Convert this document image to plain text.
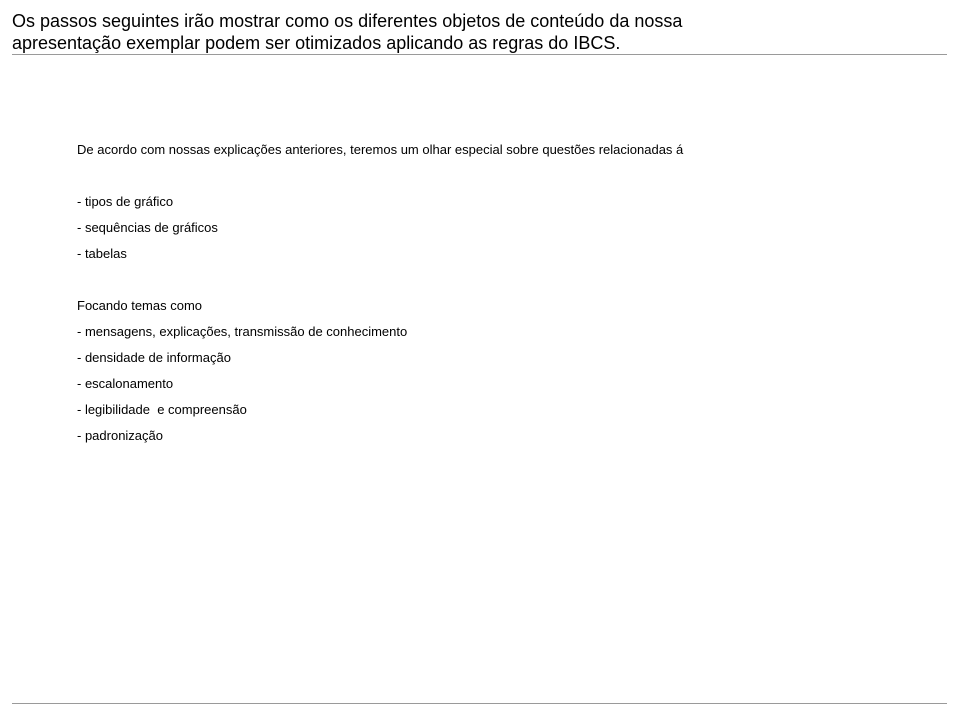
Os passos seguintes irão mostrar como os diferentes objetos de conteúdo da nossa
apresentação exemplar podem ser otimizados aplicando as regras do IBCS.

De acordo com nossas explicações anteriores, teremos um olhar especial sobre questões relacionadas á

- tipos de gráfico

- sequências de gráficos

- tabelas

Focando temas como

- mensagens, explicações, transmissão de conhecimento

- densidade de informação

- escalonamento

- legibilidade  e compreensão

- padronização
